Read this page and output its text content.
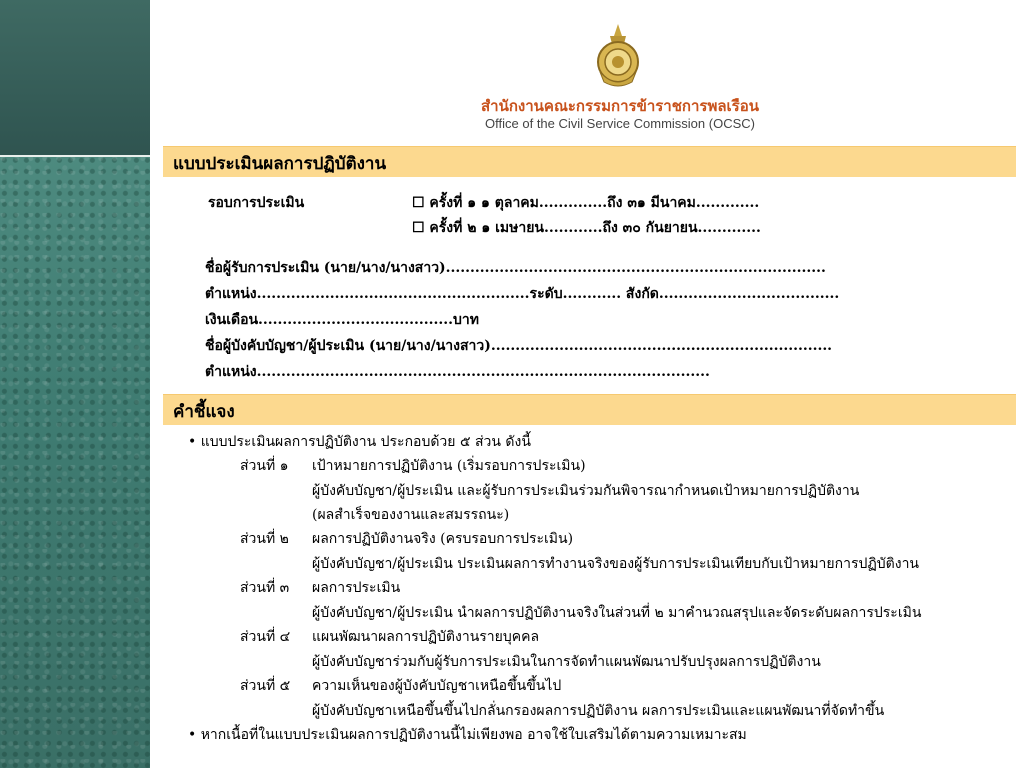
สำนักงานคณะกรรมการข้าราชการพลเรือน
Office of the Civil Service Commission (OCSC)
แบบประเมินผลการปฏิบัติงาน
รอบการประเมิน	☐ ครั้งที่ ๑ ๑ ตุลาคม..............ถึง ๓๑ มีนาคม.............
☐ ครั้งที่ ๒ ๑ เมษายน............ถึง ๓๐ กันยายน.............
ชื่อผู้รับการประเมิน (นาย/นาง/นางสาว)..............................................................................
ตำแหน่ง........................................................ระดับ............ สังกัด.....................................
เงินเดือน........................................บาท
ชื่อผู้บังคับบัญชา/ผู้ประเมิน (นาย/นาง/นางสาว)......................................................................
ตำแหน่ง.............................................................................................
คำชี้แจง
• แบบประเมินผลการปฏิบัติงาน ประกอบด้วย ๕ ส่วน ดังนี้
ส่วนที่ ๑ เป้าหมายการปฏิบัติงาน (เริ่มรอบการประเมิน)
ผู้บังคับบัญชา/ผู้ประเมิน และผู้รับการประเมินร่วมกันพิจารณากำหนดเป้าหมายการปฏิบัติงาน
(ผลสำเร็จของงานและสมรรถนะ)
ส่วนที่ ๒ ผลการปฏิบัติงานจริง (ครบรอบการประเมิน)
ผู้บังคับบัญชา/ผู้ประเมิน ประเมินผลการทำงานจริงของผู้รับการประเมินเทียบกับเป้าหมายการปฏิบัติงาน
ส่วนที่ ๓ ผลการประเมิน
ผู้บังคับบัญชา/ผู้ประเมิน นำผลการปฏิบัติงานจริงในส่วนที่ ๒ มาคำนวณสรุปและจัดระดับผลการประเมิน
ส่วนที่ ๔ แผนพัฒนาผลการปฏิบัติงานรายบุคคล
ผู้บังคับบัญชาร่วมกับผู้รับการประเมินในการจัดทำแผนพัฒนาปรับปรุงผลการปฏิบัติงาน
ส่วนที่ ๕ ความเห็นของผู้บังคับบัญชาเหนือขึ้นขึ้นไป
ผู้บังคับบัญชาเหนือขึ้นขึ้นไปกลั่นกรองผลการปฏิบัติงาน ผลการประเมินและแผนพัฒนาที่จัดทำขึ้น
• หากเนื้อที่ในแบบประเมินผลการปฏิบัติงานนี้ไม่เพียงพอ อาจใช้ใบเสริมได้ตามความเหมาะสม
